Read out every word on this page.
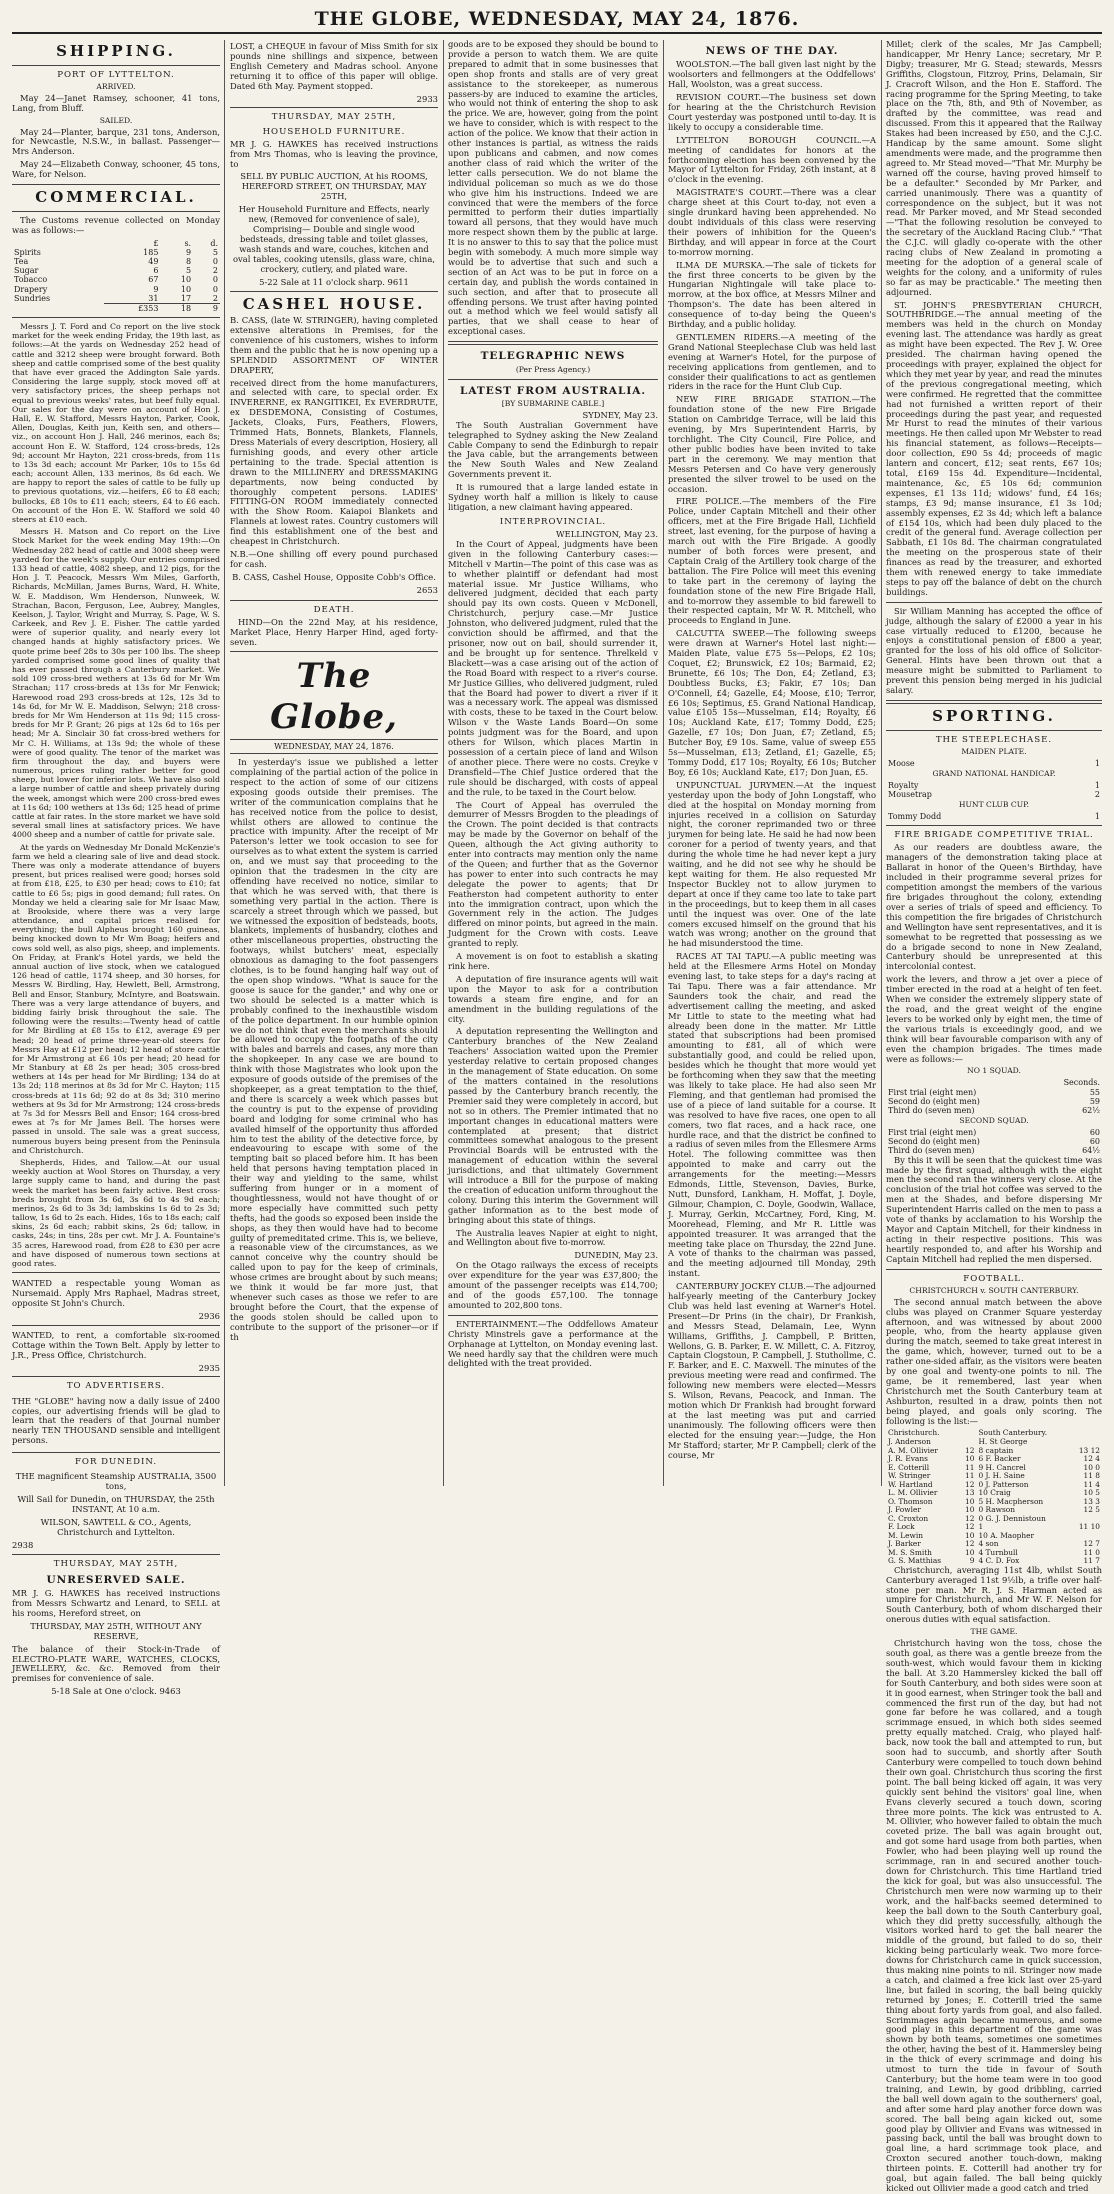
THE GLOBE, WEDNESDAY, MAY 24, 1876.
SHIPPING.
PORT OF LYTTELTON.
ARRIVED.

May 24—Janet Ramsey, schooner, 41 tons, Lang, from Bluff.

SAILED.

May 24—Planter, barque, 231 tons, Anderson, for Newcastle, N.S.W., in ballast. Passenger—Mrs Anderson.

May 24—Elizabeth Conway, schooner, 45 tons, Ware, for Nelson.

COMMERCIAL.

The Customs revenue collected on Monday was as follows:—

	£	s.	d.
Spirits	185	9	5
Tea	49	8	0
Sugar	6	5	2
Tobacco	67	10	0
Drapery	9	10	0
Sundries	31	17	2
	£353	18	9

Messrs J. T. Ford and Co report on the live stock market for the week ending Friday, the 19th last, as follows:—At the yards on Wednesday 252 head of cattle and 3212 sheep were brought forward. Both sheep and cattle comprised some of the best quality that have ever graced the Addington Sale yards. Considering the large supply, stock moved off at very satisfactory prices, the sheep perhaps not equal to previous weeks' rates, but beef fully equal. Our sales for the day were on account of Hon J. Hall, E. W. Stafford, Messrs Hayton, Parker, Cook, Allen, Douglas, Keith jun, Keith sen, and others—viz., on account Hon J. Hall, 246 merinos, each 8s; account Hon E. W. Stafford, 124 cross-breds, 12s 9d; account Mr Hayton, 221 cross-breds, from 11s to 13s 3d each; account Mr Parker, 10s to 15s 6d each; account Allen, 133 merinos, 8s 6d each. We are happy to report the sales of cattle to be fully up to previous quotations, viz.—heifers, £6 to £8 each; bullocks, £8 10s to £11 each; steers, £4 to £6 each. On account of the Hon E. W. Stafford we sold 40 steers at £10 each.

Messrs H. Matson and Co report on the Live Stock Market for the week ending May 19th:—On Wednesday 282 head of cattle and 3008 sheep were yarded for the week's supply. Our entries comprised 133 head of cattle, 4082 sheep, and 12 pigs, for the Hon J. T. Peacock, Messrs Wm Miles, Garforth, Richards, McMillan, James Burns, Ward, H. White, W. E. Maddison, Wm Henderson, Nunweek, W. Strachan, Bacon, Ferguson, Lee, Aubrey, Mangles, Keelson, J. Taylor, Wright and Murray, S. Page, W. S. Carkeek, and Rev J. E. Fisher. The cattle yarded were of superior quality, and nearly every lot changed hands at highly satisfactory prices. We quote prime beef 28s to 30s per 100 lbs. The sheep yarded comprised some good lines of quality that has ever passed through a Canterbury market. We sold 109 cross-bred wethers at 13s 6d for Mr Wm Strachan; 117 cross-breds at 13s for Mr Fenwick; Harewood road 293 cross-breds at 12s, 12s 3d to 14s 6d, for Mr W. E. Maddison, Selwyn; 218 cross-breds for Mr Wm Henderson at 11s 9d; 115 cross-breds for Mr P. Grant; 26 pigs at 12s 6d to 16s per head; Mr A. Sinclair 30 fat cross-bred wethers for Mr C. H. Williams, at 13s 9d; the whole of these were of good quality. The tenor of the market was firm throughout the day, and buyers were numerous, prices ruling rather better for good sheep, but lower for inferior lots. We have also sold a large number of cattle and sheep privately during the week, amongst which were 200 cross-bred ewes at 11s 6d; 100 wethers at 13s 6d; 125 head of prime cattle at fair rates. In the store market we have sold several small lines at satisfactory prices. We have 4000 sheep and a number of cattle for private sale.

At the yards on Wednesday Mr Donald McKenzie's farm we held a clearing sale of live and dead stock. There was only a moderate attendance of buyers present, but prices realised were good; horses sold at from £18, £25, to £30 per head; cows to £10; fat cattle to £6 5s; pigs in good demand; full rates. On Monday we held a clearing sale for Mr Isaac Maw, at Brookside, where there was a very large attendance, and capital prices realised for everything; the bull Alpheus brought 160 guineas, being knocked down to Mr Wm Boag; heifers and cows sold well, as also pigs, sheep, and implements. On Friday, at Frank's Hotel yards, we held the annual auction of live stock, when we catalogued 126 head of cattle, 1174 sheep, and 30 horses, for Messrs W. Birdling, Hay, Hewlett, Bell, Armstrong, Bell and Ensor, Stanbury, McIntyre, and Boatswain. There was a very large attendance of buyers, and bidding fairly brisk throughout the sale. The following were the results:—Twenty head of cattle for Mr Birdling at £8 15s to £12, average £9 per head; 20 head of prime three-year-old steers for Messrs Hay at £12 per head; 12 head of store cattle for Mr Armstrong at £6 10s per head; 20 head for Mr Stanbury at £8 2s per head; 305 cross-bred wethers at 14s per head for Mr Birdling; 134 do at 13s 2d; 118 merinos at 8s 3d for Mr C. Hayton; 115 cross-breds at 11s 6d; 92 do at 8s 3d; 310 merino wethers at 9s 3d for Mr Armstrong; 124 cross-breds at 7s 3d for Messrs Bell and Ensor; 164 cross-bred ewes at 7s for Mr James Bell. The horses were passed in unsold. The sale was a great success, numerous buyers being present from the Peninsula and Christchurch.

Shepherds, Hides, and Tallow.—At our usual weekly auction at Wool Stores on Thursday, a very large supply came to hand, and during the past week the market has been fairly active. Best cross-breds brought from 3s 6d, 3s 6d to 4s 9d each; merinos, 2s 6d to 3s 3d; lambskins 1s 6d to 2s 3d; tallow, 1s 6d to 2s each. Hides, 16s to 18s each; calf skins, 2s 6d each; rabbit skins, 2s 6d; tallow, in casks, 24s; in tins, 28s per cwt. Mr J. A. Fountaine's 35 acres, Harewood road, from £28 to £30 per acre and have disposed of numerous town sections at good rates.

WANTED a respectable young Woman as Nursemaid. Apply Mrs Raphael, Madras street, opposite St John's Church.

2936

WANTED, to rent, a comfortable six-roomed Cottage within the Town Belt. Apply by letter to J.R., Press Office, Christchurch.

2935
TO ADVERTISERS.

THE "GLOBE" having now a daily issue of 2400 copies, our advertising friends will be glad to learn that the readers of that Journal number nearly TEN THOUSAND sensible and intelligent persons.

FOR DUNEDIN.

THE magnificent Steamship AUSTRALIA, 3500 tons,

Will Sail for Dunedin, on THURSDAY, the 25th INSTANT, At 10 a.m.

WILSON, SAWTELL & CO., Agents, Christchurch and Lyttelton.

2938
THURSDAY, MAY 25TH,
UNRESERVED SALE.

MR J. G. HAWKES has received instructions from Messrs Schwartz and Lenard, to SELL at his rooms, Hereford street, on

THURSDAY, MAY 25TH, WITHOUT ANY RESERVE,

The balance of their Stock-in-Trade of ELECTRO-PLATE WARE, WATCHES, CLOCKS, JEWELLERY, &c. &c. Removed from their premises for convenience of sale.

5-18 Sale at One o'clock. 9463

LOST, a CHEQUE in favour of Miss Smith for six pounds nine shillings and sixpence, between English Cemetery and Madras school. Anyone returning it to office of this paper will oblige. Dated 6th May. Payment stopped.

2933
THURSDAY, MAY 25TH,
HOUSEHOLD FURNITURE.

MR J. G. HAWKES has received instructions from Mrs Thomas, who is leaving the province, to

SELL BY PUBLIC AUCTION, At his ROOMS, HEREFORD STREET, ON THURSDAY, MAY 25TH,

Her Household Furniture and Effects, nearly new, (Removed for convenience of sale), Comprising— Double and single wood bedsteads, dressing table and toilet glasses, wash stands and ware, couches, kitchen and oval tables, cooking utensils, glass ware, china, crockery, cutlery, and plated ware.

5-22 Sale at 11 o'clock sharp. 9611
CASHEL HOUSE.

B. CASS, (late W. STRINGER), having completed extensive alterations in Premises, for the convenience of his customers, wishes to inform them and the public that he is now opening up a SPLENDID ASSORTMENT OF WINTER DRAPERY,

received direct from the home manufacturers, and selected with care, to special order. Ex INVERERNE, ex RANGITIKEI, Ex EVERDRUTE, ex DESDEMONA, Consisting of Costumes, Jackets, Cloaks, Furs, Feathers, Flowers, Trimmed Hats, Bonnets, Blankets, Flannels, Dress Materials of every description, Hosiery, all furnishing goods, and every other article pertaining to the trade. Special attention is drawn to the MILLINERY and DRESSMAKING departments, now being conducted by thoroughly competent persons. LADIES' FITTING-ON ROOM immediately connected with the Show Room. Kaiapoi Blankets and Flannels at lowest rates. Country customers will find this establishment one of the best and cheapest in Christchurch.

N.B.—One shilling off every pound purchased for cash.

B. CASS, Cashel House, Opposite Cobb's Office.

2653
DEATH.

HIND—On the 22nd May, at his residence, Market Place, Henry Harper Hind, aged forty-seven.

The Globe,
WEDNESDAY, MAY 24, 1876.

In yesterday's issue we published a letter complaining of the partial action of the police in respect to the action of some of our citizens exposing goods outside their premises. The writer of the communication complains that he has received notice from the police to desist, whilst others are allowed to continue the practice with impunity. After the receipt of Mr Paterson's letter we took occasion to see for ourselves as to what extent the system is carried on, and we must say that proceeding to the opinion that the tradesmen in the city are offending have received no notice, similar to that which he was served with, that there is something very partial in the action. There is scarcely a street through which we passed, but we witnessed the exposition of bedsteads, boots, blankets, implements of husbandry, clothes and other miscellaneous properties, obstructing the footways, whilst butchers' meat, especially obnoxious as damaging to the foot passengers clothes, is to be found hanging half way out of the open shop windows. "What is sauce for the goose is sauce for the gander," and why one or two should be selected is a matter which is probably confined to the inexhaustible wisdom of the police department. In our humble opinion we do not think that even the merchants should be allowed to occupy the footpaths of the city with bales and barrels and cases, any more than the shopkeeper. In any case we are bound to think with those Magistrates who look upon the exposure of goods outside of the premises of the shopkeeper, as a great temptation to the thief, and there is scarcely a week which passes but the country is put to the expense of providing board and lodging for some criminal who has availed himself of the opportunity thus afforded him to test the ability of the detective force, by endeavouring to escape with some of the tempting bait so placed before him. It has been held that persons having temptation placed in their way and yielding to the same, whilst suffering from hunger or in a moment of thoughtlessness, would not have thought of or more especially have committed such petty thefts, had the goods so exposed been inside the shops, as they then would have had to become guilty of premeditated crime. This is, we believe, a reasonable view of the circumstances, as we cannot conceive why the country should be called upon to pay for the keep of criminals, whose crimes are brought about by such means; we think it would be far more just, that whenever such cases as those we refer to are brought before the Court, that the expense of the goods stolen should be called upon to contribute to the support of the prisoner—or if th

goods are to be exposed they should be bound to provide a person to watch them. We are quite prepared to admit that in some businesses that open shop fronts and stalls are of very great assistance to the storekeeper, as numerous passers-by are induced to examine the articles, who would not think of entering the shop to ask the price. We are, however, going from the point we have to consider, which is with respect to the action of the police. We know that their action in other instances is partial, as witness the raids upon publicans and cabmen, and now comes another class of raid which the writer of the letter calls persecution. We do not blame the individual policeman so much as we do those who give him his instructions. Indeed we are convinced that were the members of the force permitted to perform their duties impartially toward all persons, that they would have much more respect shown them by the public at large. It is no answer to this to say that the police must begin with somebody. A much more simple way would be to advertise that such and such a section of an Act was to be put in force on a certain day, and publish the words contained in such section, and after that to prosecute all offending persons. We trust after having pointed out a method which we feel would satisfy all parties, that we shall cease to hear of exceptional cases.

TELEGRAPHIC NEWS
(Per Press Agency.)
LATEST FROM AUSTRALIA.
[BY SUBMARINE CABLE.]
SYDNEY, May 23.

The South Australian Government have telegraphed to Sydney asking the New Zealand Cable Company to send the Edinburgh to repair the Java cable, but the arrangements between the New South Wales and New Zealand Governments prevent it.

It is rumoured that a large landed estate in Sydney worth half a million is likely to cause litigation, a new claimant having appeared.

INTERPROVINCIAL.
WELLINGTON, May 23.

In the Court of Appeal, judgments have been given in the following Canterbury cases:—Mitchell v Martin—The point of this case was as to whether plaintiff or defendant had most material issue. Mr Justice Williams, who delivered judgment, decided that each party should pay its own costs. Queen v McDonell, Christchurch, perjury case.—Mr Justice Johnston, who delivered judgment, ruled that the conviction should be affirmed, and that the prisoner, now out on bail, should surrender it, and be brought up for sentence. Threlkeld v Blackett—was a case arising out of the action of the Road Board with respect to a river's course. Mr Justice Gillies, who delivered judgment, ruled that the Board had power to divert a river if it was a necessary work. The appeal was dismissed with costs, these to be taxed in the Court below. Wilson v the Waste Lands Board—On some points judgment was for the Board, and upon others for Wilson, which places Martin in possession of a certain piece of land and Wilson of another piece. There were no costs. Creyke v Dransfield—The Chief Justice ordered that the rule should be discharged, with costs of appeal and the rule, to be taxed in the Court below.

The Court of Appeal has overruled the demurrer of Messrs Brogden to the pleadings of the Crown. The point decided is that contracts may be made by the Governor on behalf of the Queen, although the Act giving authority to enter into contracts may mention only the name of the Queen; and further that as the Governor has power to enter into such contracts he may delegate the power to agents; that Dr Featherston had competent authority to enter into the immigration contract, upon which the Government rely in the action. The Judges differed on minor points, but agreed in the main. Judgment for the Crown with costs. Leave granted to reply.

A movement is on foot to establish a skating rink here.

A deputation of fire insurance agents will wait upon the Mayor to ask for a contribution towards a steam fire engine, and for an amendment in the building regulations of the city.

A deputation representing the Wellington and Canterbury branches of the New Zealand Teachers' Association waited upon the Premier yesterday relative to certain proposed changes in the management of State education. On some of the matters contained in the resolutions passed by the Canterbury branch recently, the Premier said they were completely in accord, but not so in others. The Premier intimated that no important changes in educational matters were contemplated at present; that district committees somewhat analogous to the present Provincial Boards will be entrusted with the management of education within the several jurisdictions, and that ultimately Government will introduce a Bill for the purpose of making the creation of education uniform throughout the colony. During this interim the Government will gather information as to the best mode of bringing about this state of things.

The Australia leaves Napier at eight to night, and Wellington about five to-morrow.

DUNEDIN, May 23.

On the Otago railways the excess of receipts over expenditure for the year was £37,800; the amount of the passenger receipts was £14,700; and of the goods £57,100. The tonnage amounted to 202,800 tons.

ENTERTAINMENT.—The Oddfellows Amateur Christy Minstrels gave a performance at the Orphanage at Lyttelton, on Monday evening last. We need hardly say that the children were much delighted with the treat provided.

NEWS OF THE DAY.

WOOLSTON.—The ball given last night by the woolsorters and fellmongers at the Oddfellows' Hall, Woolston, was a great success.

REVISION COURT.—The business set down for hearing at the the Christchurch Revision Court yesterday was postponed until to-day. It is likely to occupy a considerable time.

LYTTELTON BOROUGH COUNCIL.—A meeting of candidates for honors at the forthcoming election has been convened by the Mayor of Lyttelton for Friday, 26th instant, at 8 o'clock in the evening.

MAGISTRATE'S COURT.—There was a clear charge sheet at this Court to-day, not even a single drunkard having been apprehended. No doubt individuals of this class were reserving their powers of inhibition for the Queen's Birthday, and will appear in force at the Court to-morrow morning.

ILMA DE MURSKA.—The sale of tickets for the first three concerts to be given by the Hungarian Nightingale will take place to-morrow, at the box office, at Messrs Milner and Thompson's. The date has been altered in consequence of to-day being the Queen's Birthday, and a public holiday.

GENTLEMEN RIDERS.—A meeting of the Grand National Steeplechase Club was held last evening at Warner's Hotel, for the purpose of receiving applications from gentlemen, and to consider their qualifications to act as gentlemen riders in the race for the Hunt Club Cup.

NEW FIRE BRIGADE STATION.—The foundation stone of the new Fire Brigade Station on Cambridge Terrace, will be laid this evening, by Mrs Superintendent Harris, by torchlight. The City Council, Fire Police, and other public bodies have been invited to take part in the ceremony. We may mention that Messrs Petersen and Co have very generously presented the silver trowel to be used on the occasion.

FIRE POLICE.—The members of the Fire Police, under Captain Mitchell and their other officers, met at the Fire Brigade Hall, Lichfield street, last evening, for the purpose of having a march out with the Fire Brigade. A goodly number of both forces were present, and Captain Craig of the Artillery took charge of the battalion. The Fire Police will meet this evening to take part in the ceremony of laying the foundation stone of the new Fire Brigade Hall, and to-morrow they assemble to bid farewell to their respected captain, Mr W. R. Mitchell, who proceeds to England in June.

CALCUTTA SWEEP.—The following sweeps were drawn at Warner's Hotel last night:—Maiden Plate, value £75 5s—Pelops, £2 10s; Coquet, £2; Brunswick, £2 10s; Barmaid, £2; Brunette, £6 10s; The Don, £4; Zetland, £3; Doubtless Bucks, £3; Fakir, £7 10s; Dan O'Connell, £4; Gazelle, £4; Moose, £10; Terror, £6 10s; Septimus, £5. Grand National Handicap, value £105 15s—Musselman, £14; Royalty, £6 10s; Auckland Kate, £17; Tommy Dodd, £25; Gazelle, £7 10s; Don Juan, £7; Zetland, £5; Butcher Boy, £9 10s. Same, value of sweep £55 5s—Musselman, £13; Zetland, £1; Gazelle, £5; Tommy Dodd, £17 10s; Royalty, £6 10s; Butcher Boy, £6 10s; Auckland Kate, £17; Don Juan, £5.

UNPUNCTUAL JURYMEN.—At the inquest yesterday upon the body of John Longstaff, who died at the hospital on Monday morning from injuries received in a collision on Saturday night, the coroner reprimanded two or three jurymen for being late. He said he had now been coroner for a period of twenty years, and that during the whole time he had never kept a jury waiting, and he did not see why he should be kept waiting for them. He also requested Mr Inspector Buckley not to allow jurymen to depart at once if they came too late to take part in the proceedings, but to keep them in all cases until the inquest was over. One of the late comers excused himself on the ground that his watch was wrong; another on the ground that he had misunderstood the time.

RACES AT TAI TAPU.—A public meeting was held at the Ellesmere Arms Hotel on Monday evening last, to take steps for a day's racing at Tai Tapu. There was a fair attendance. Mr Saunders took the chair, and read the advertisement calling the meeting, and asked Mr Little to state to the meeting what had already been done in the matter. Mr Little stated that subscriptions had been promised amounting to £81, all of which were substantially good, and could be relied upon, besides which he thought that more would yet be forthcoming when they saw that the meeting was likely to take place. He had also seen Mr Fleming, and that gentleman had promised the use of a piece of land suitable for a course. It was resolved to have five races, one open to all comers, two flat races, and a hack race, one hurdle race, and that the district be confined to a radius of seven miles from the Ellesmere Arms Hotel. The following committee was then appointed to make and carry out the arrangements for the meeting:—Messrs Edmonds, Little, Stevenson, Davies, Burke, Nutt, Dunsford, Lankham, H. Moffat, J. Doyle, Gilmour, Champion, C. Doyle, Goodwin, Wallace, J. Murray, Gerkin, McCartney, Ford, King, M. Moorehead, Fleming, and Mr R. Little was appointed treasurer. It was arranged that the meeting take place on Thursday, the 22nd June. A vote of thanks to the chairman was passed, and the meeting adjourned till Monday, 29th instant.

CANTERBURY JOCKEY CLUB.—The adjourned half-yearly meeting of the Canterbury Jockey Club was held last evening at Warner's Hotel. Present—Dr Prins (in the chair), Dr Frankish, and Messrs Stead, Delamain, Lee, Wynn Williams, Griffiths, J. Campbell, P. Britten, Wellons, G. B. Parker, E. W. Millett, C. A. Fitzroy, Captain Clogstoun, P. Campbell, J. Stuthollme, C. F. Barker, and E. C. Maxwell. The minutes of the previous meeting were read and confirmed. The following new members were elected—Messrs S. Wilson, Revans, Peacock, and Inman. The motion which Dr Frankish had brought forward at the last meeting was put and carried unanimously. The following officers were then elected for the ensuing year:—Judge, the Hon Mr Stafford; starter, Mr P. Campbell; clerk of the course, Mr

Millet; clerk of the scales, Mr Jas Campbell; handicapper, Mr Henry Lance; secretary, Mr P. Digby; treasurer, Mr G. Stead; stewards, Messrs Griffiths, Clogstoun, Fitzroy, Prins, Delamain, Sir J. Cracroft Wilson, and the Hon E. Stafford. The racing programme for the Spring Meeting, to take place on the 7th, 8th, and 9th of November, as drafted by the committee, was read and discussed. From this it appeared that the Railway Stakes had been increased by £50, and the C.J.C. Handicap by the same amount. Some slight amendments were made, and the programme then agreed to. Mr Stead moved—"That Mr. Murphy be warned off the course, having proved himself to be a defaulter." Seconded by Mr Parker, and carried unanimously. There was a quantity of correspondence on the subject, but it was not read. Mr Parker moved, and Mr Stead seconded—"That the following resolution be conveyed to the secretary of the Auckland Racing Club." "That the C.J.C. will gladly co-operate with the other racing clubs of New Zealand in promoting a meeting for the adoption of a general scale of weights for the colony, and a uniformity of rules so far as may be practicable." The meeting then adjourned.

ST. JOHN'S PRESBYTERIAN CHURCH, SOUTHBRIDGE.—The annual meeting of the members was held in the church on Monday evening last. The attendance was hardly as great as might have been expected. The Rev J. W. Oree presided. The chairman having opened the proceedings with prayer, explained the object for which they met year by year, and read the minutes of the previous congregational meeting, which were confirmed. He regretted that the committee had not furnished a written report of their proceedings during the past year, and requested Mr Hurst to read the minutes of their various meetings. He then called upon Mr Webster to read his financial statement, as follows—Receipts—door collection, £90 5s 4d; proceeds of magic lantern and concert, £12; seat rents, £67 10s; total, £169 15s 4d. Expenditure—Incidental, maintenance, &c, £5 10s 6d; communion expenses, £1 13s 11d; widows' fund, £4 16s; stamps, £3 9d; manse insurance, £1 3s 10d; assembly expenses, £2 3s 4d; which left a balance of £154 10s, which had been duly placed to the credit of the general fund. Average collection per Sabbath, £1 10s 8d. The chairman congratulated the meeting on the prosperous state of their finances as read by the treasurer, and exhorted them with renewed energy to take immediate steps to pay off the balance of debt on the church buildings.

Sir William Manning has accepted the office of judge, although the salary of £2000 a year in his case virtually reduced to £1200, because he enjoys a constitutional pension of £800 a year, granted for the loss of his old office of Solicitor-General. Hints have been thrown out that a measure might be submitted to Parliament to prevent this pension being merged in his judicial salary.

SPORTING.
THE STEEPLECHASE.
MAIDEN PLATE.
Moose	1
GRAND NATIONAL HANDICAP.
Royalty	1
Mousetrap	2
HUNT CLUB CUP.
Tommy Dodd	1
FIRE BRIGADE COMPETITIVE TRIAL.

As our readers are doubtless aware, the managers of the demonstration taking place at Ballarat in honor of the Queen's Birthday, have included in their programme several prizes for competition amongst the members of the various fire brigades throughout the colony, extending over a series of trials of speed and efficiency. To this competition the fire brigades of Christchurch and Wellington have sent representatives, and it is somewhat to be regretted that possessing as we do a brigade second to none in New Zealand, Canterbury should be unrepresented at this intercolonial contest.

work the levers, and throw a jet over a piece of timber erected in the road at a height of ten feet. When we consider the extremely slippery state of the road, and the great weight of the engine levers to be worked only by eight men, the time of the various trials is exceedingly good, and we think will bear favourable comparison with any of even the champion brigades. The times made were as follows:—

NO 1 SQUAD.
	Seconds.
First trial (eight men)	55
Second do (eight men)	59
Third do (seven men)	62½
SECOND SQUAD.
First trial (eight men)	60
Second do (eight men)	60
Third do (seven men)	64½

By this it will be seen that the quickest time was made by the first squad, although with the eight men the second ran the winners very close. At the conclusion of the trial hot coffee was served to the men at the Shades, and before dispersing Mr Superintendent Harris called on the men to pass a vote of thanks by acclamation to his Worship the Mayor and Captain Mitchell, for their kindness in acting in their respective positions. This was heartily responded to, and after his Worship and Captain Mitchell had replied the men dispersed.

FOOTBALL.
CHRISTCHURCH v. SOUTH CANTERBURY.

The second annual match between the above clubs was played on Cranmer Square yesterday afternoon, and was witnessed by about 2000 people, who, from the hearty applause given during the match, seemed to take great interest in the game, which, however, turned out to be a rather one-sided affair, as the visitors were beaten by one goal and twenty-one points to nil. The game, be it remembered, last year when Christchurch met the South Canterbury team at Ashburton, resulted in a draw, points then not being played, and goals only scoring. The following is the list:—

Christchurch.		South Canterbury.	
J. Anderson		H. St George	
A. M. Ollivier	12	8 captain	13 12
J. R. Evans	10	6 F. Backer	12 4
E. Cotterill	11	9 H. Cancrel	10 0
W. Stringer	11	0 J. H. Saine	11 8
W. Hartland	12	0 J. Patterson	11 4
L. M. Ollivier	13	10 Craig	10 5
O. Thomson	10	5 H. Macpherson	13 3
J. Fowler	10	0 Rawson	12 5
C. Croxton	12	0 G. J. Dennistoun	
F. Lock	12	1	11 10
M. Lewin	10	10 A. Maopher	
J. Barker	12	4 son	12 7
M. S. Smith	10	4 Turnbull	11 0
G. S. Matthias	9	4 C. D. Fox	11 7

Christchurch, averaging 11st 4lb, whilst South Canterbury averaged 11st 9½lb, a trifle over half-stone per man. Mr R. J. S. Harman acted as umpire for Christchurch, and Mr W. F. Nelson for South Canterbury, both of whom discharged their onerous duties with equal satisfaction.

THE GAME.

Christchurch having won the toss, chose the south goal, as there was a gentle breeze from the south-west, which would favour them in kicking the ball. At 3.20 Hammersley kicked the ball off for South Canterbury, and both sides were soon at it in good earnest, when Stringer took the ball and commenced the first run of the day, but had not gone far before he was collared, and a tough scrimmage ensued, in which both sides seemed pretty equally matched. Craig, who played half-back, now took the ball and attempted to run, but soon had to succumb, and shortly after South Canterbury were compelled to touch down behind their own goal. Christchurch thus scoring the first point. The ball being kicked off again, it was very quickly sent behind the visitors' goal line, when Evans cleverly secured a touch down, scoring three more points. The kick was entrusted to A. M. Ollivier, who however failed to obtain the much coveted prize. The ball was again brought out, and got some hard usage from both parties, when Fowler, who had been playing well up round the scrimmage, ran in and secured another touch-down for Christchurch. This time Hartland tried the kick for goal, but was also unsuccessful. The Christchurch men were now warming up to their work, and the half-backs seemed determined to keep the ball down to the South Canterbury goal, which they did pretty successfully, although the visitors worked hard to get the ball nearer the middle of the ground, but failed to do so, their kicking being particularly weak. Two more force-downs for Christchurch came in quick succession, thus making nine points to nil. Stringer now made a catch, and claimed a free kick last over 25-yard line, but failed in scoring, the ball being quickly returned by Jones; E. Cotterill tried the same thing about forty yards from goal, and also failed. Scrimmages again became numerous, and some good play in this department of the game was shown by both teams, sometimes one sometimes the other, having the best of it. Hammersley being in the thick of every scrimmage and doing his utmost to turn the tide in favour of South Canterbury; but the home team were in too good training, and Lewin, by good dribbling, carried the ball well down again to the southerners' goal, and after some hard play another force down was scored. The ball being again kicked out, some good play by Ollivier and Evans was witnessed in passing back, until the ball was brought down to goal line, a hard scrimmage took place, and Croxton secured another touch-down, making thirteen points. E. Cotterill had another try for goal, but again failed. The ball being quickly kicked out Ollivier made a good catch and tried
